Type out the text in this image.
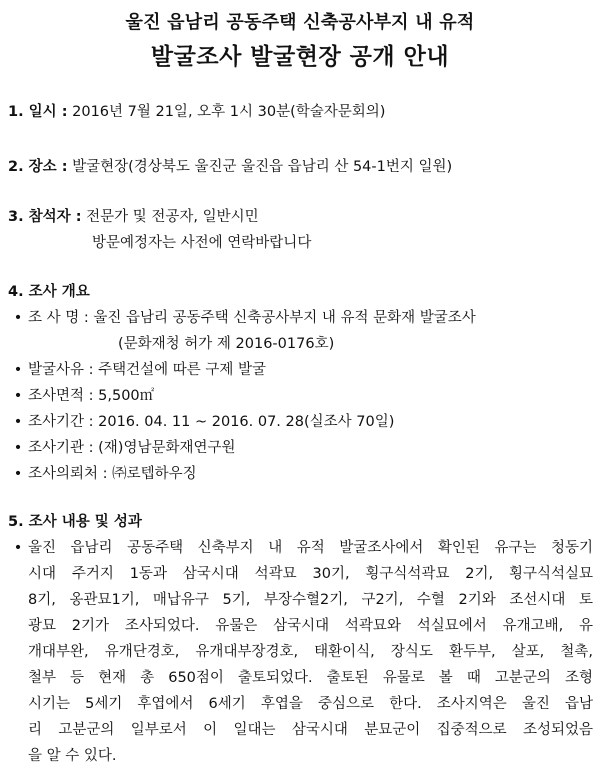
울진 읍남리 공동주택 신축공사부지 내 유적
발굴조사 발굴현장 공개 안내
1. 일시 : 2016년 7월 21일, 오후 1시 30분(학술자문회의)
2. 장소 : 발굴현장(경상북도 울진군 울진읍 읍남리 산 54-1번지 일원)
3. 참석자 : 전문가 및 전공자, 일반시민
방문예정자는 사전에 연락바랍니다
4. 조사 개요
• 조 사 명 : 울진 읍남리 공동주택 신축공사부지 내 유적 문화재 발굴조사
(문화재청 허가 제 2016-0176호)
• 발굴사유 : 주택건설에 따른 구제 발굴
• 조사면적 : 5,500㎡
• 조사기간 : 2016. 04. 11 ~ 2016. 07. 28(실조사 70일)
• 조사기관 : (재)영남문화재연구원
• 조사의뢰처 : ㈜로텝하우징
5. 조사 내용 및 성과
• 울진 읍남리 공동주택 신축부지 내 유적 발굴조사에서 확인된 유구는 청동기
시대 주거지 1동과 삼국시대 석곽묘 30기, 횡구식석곽묘 2기, 횡구식석실묘
8기, 옹관묘1기, 매납유구 5기, 부장수혈2기, 구2기, 수혈 2기와 조선시대 토
광묘 2기가 조사되었다. 유물은 삼국시대 석곽묘와 석실묘에서 유개고배, 유
개대부완, 유개단경호, 유개대부장경호, 태환이식, 장식도 환두부, 살포, 철촉,
철부 등 현재 총 650점이 출토되었다. 출토된 유물로 볼 때 고분군의 조형
시기는 5세기 후엽에서 6세기 후엽을 중심으로 한다. 조사지역은 울진 읍남
리 고분군의 일부로서 이 일대는 삼국시대 분묘군이 집중적으로 조성되었음
을 알 수 있다.
